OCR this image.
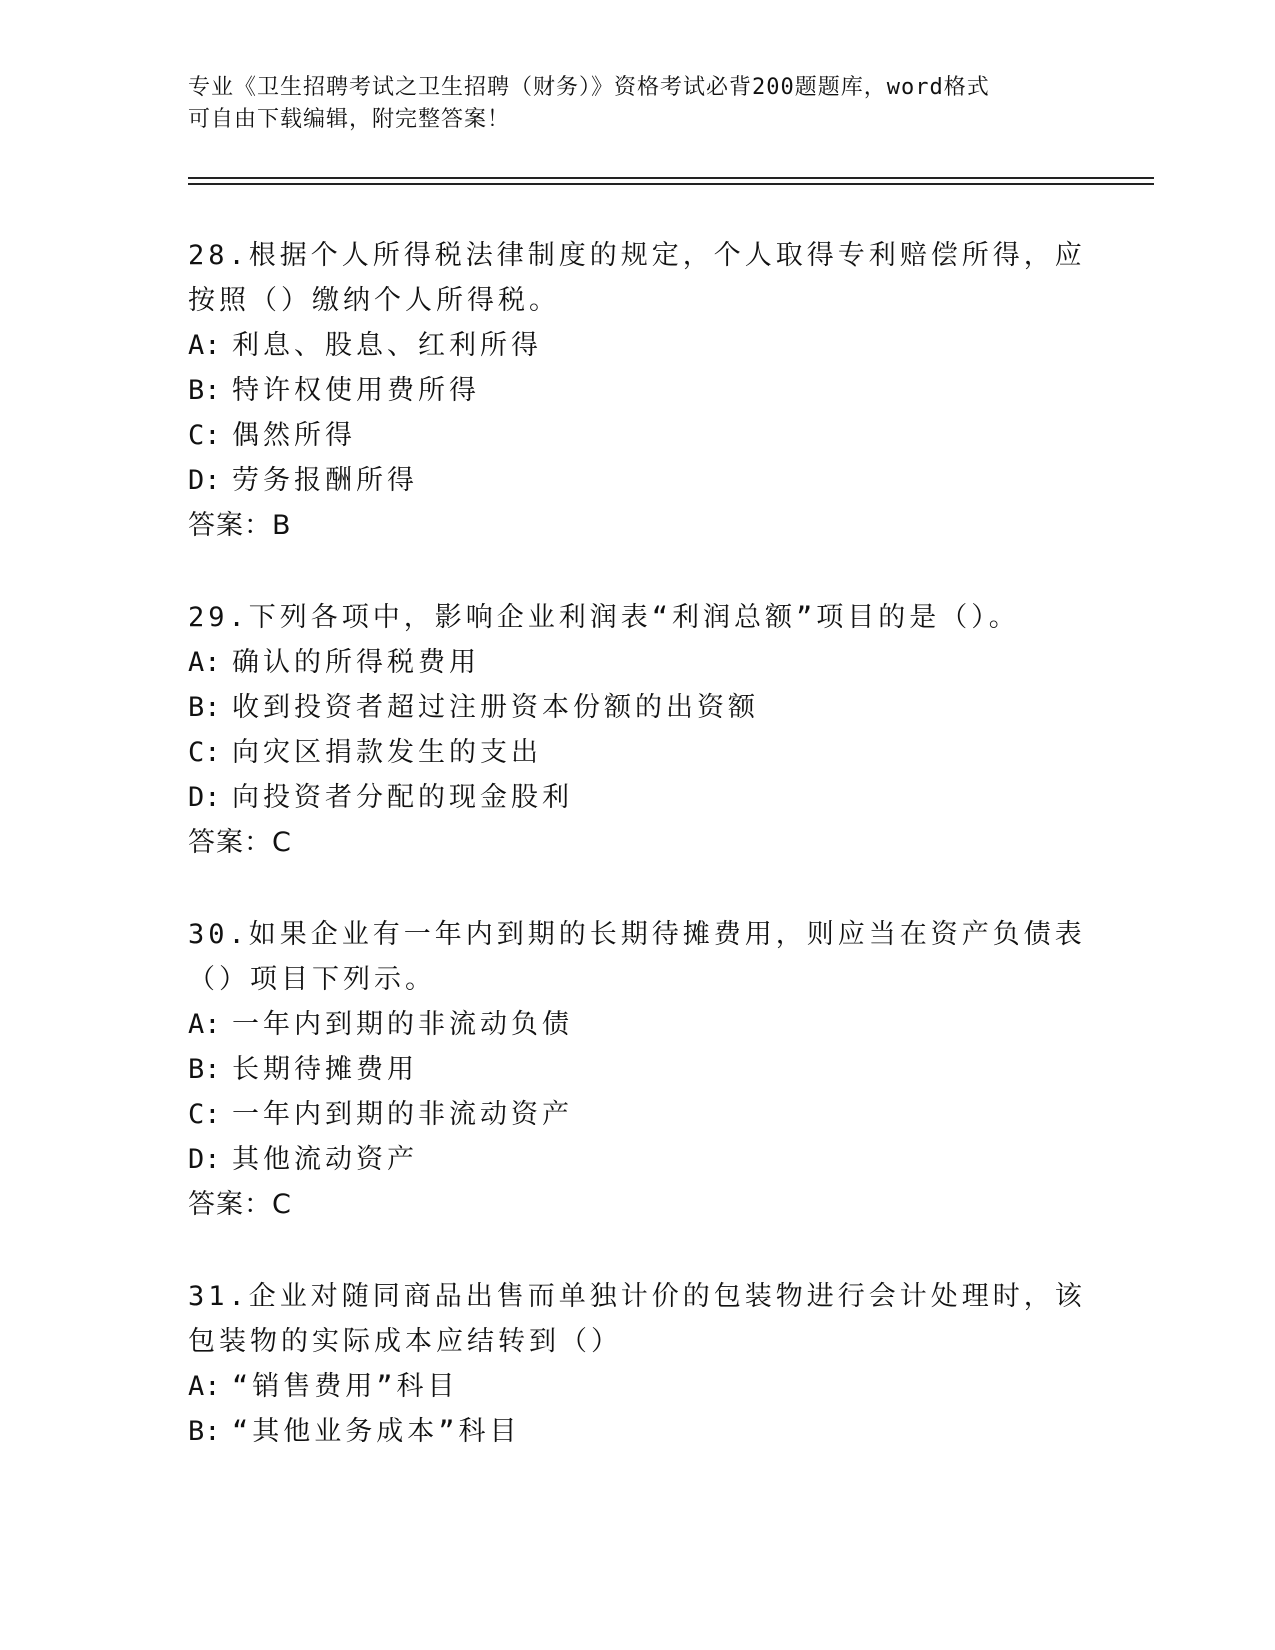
专业《卫生招聘考试之卫生招聘（财务）》资格考试必背200题题库，word格式
可自由下载编辑，附完整答案！
28.根据个人所得税法律制度的规定，个人取得专利赔偿所得，应按照（）缴纳个人所得税。
A: 利息、股息、红利所得
B: 特许权使用费所得
C: 偶然所得
D: 劳务报酬所得
答案：B
29.下列各项中，影响企业利润表“利润总额”项目的是（）。
A: 确认的所得税费用
B: 收到投资者超过注册资本份额的出资额
C: 向灾区捐款发生的支出
D: 向投资者分配的现金股利
答案：C
30.如果企业有一年内到期的长期待摊费用，则应当在资产负债表（）项目下列示。
A: 一年内到期的非流动负债
B: 长期待摊费用
C: 一年内到期的非流动资产
D: 其他流动资产
答案：C
31.企业对随同商品出售而单独计价的包装物进行会计处理时，该包装物的实际成本应结转到（）
A: “销售费用”科目
B: “其他业务成本”科目
